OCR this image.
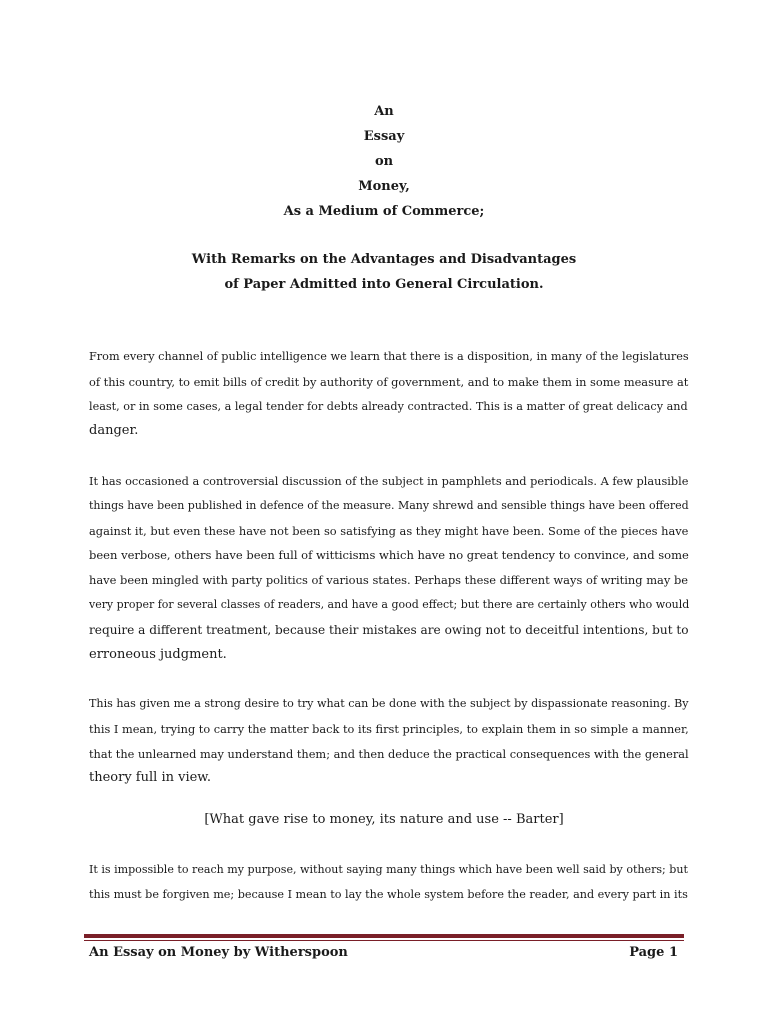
An
Essay
on
Money,
As a Medium of Commerce;
With Remarks on the Advantages and Disadvantages
of Paper Admitted into General Circulation.

From every channel of public intelligence we learn that there is a disposition, in many of the legislatures
of this country, to emit bills of credit by authority of government, and to make them in some measure at
least, or in some cases, a legal tender for debts already contracted. This is a matter of great delicacy and
danger.

It has occasioned a controversial discussion of the subject in pamphlets and periodicals. A few plausible
things have been published in defence of the measure. Many shrewd and sensible things have been offered
against it, but even these have not been so satisfying as they might have been. Some of the pieces have
been verbose, others have been full of witticisms which have no great tendency to convince, and some
have been mingled with party politics of various states. Perhaps these different ways of writing may be
very proper for several classes of readers, and have a good effect; but there are certainly others who would
require a different treatment, because their mistakes are owing not to deceitful intentions, but to
erroneous judgment.

This has given me a strong desire to try what can be done with the subject by dispassionate reasoning. By
this I mean, trying to carry the matter back to its first principles, to explain them in so simple a manner,
that the unlearned may understand them; and then deduce the practical consequences with the general
theory full in view.

[What gave rise to money, its nature and use -- Barter]

It is impossible to reach my purpose, without saying many things which have been well said by others; but
this must be forgiven me; because I mean to lay the whole system before the reader, and every part in its

An Essay on Money by Witherspoon	Page 1
